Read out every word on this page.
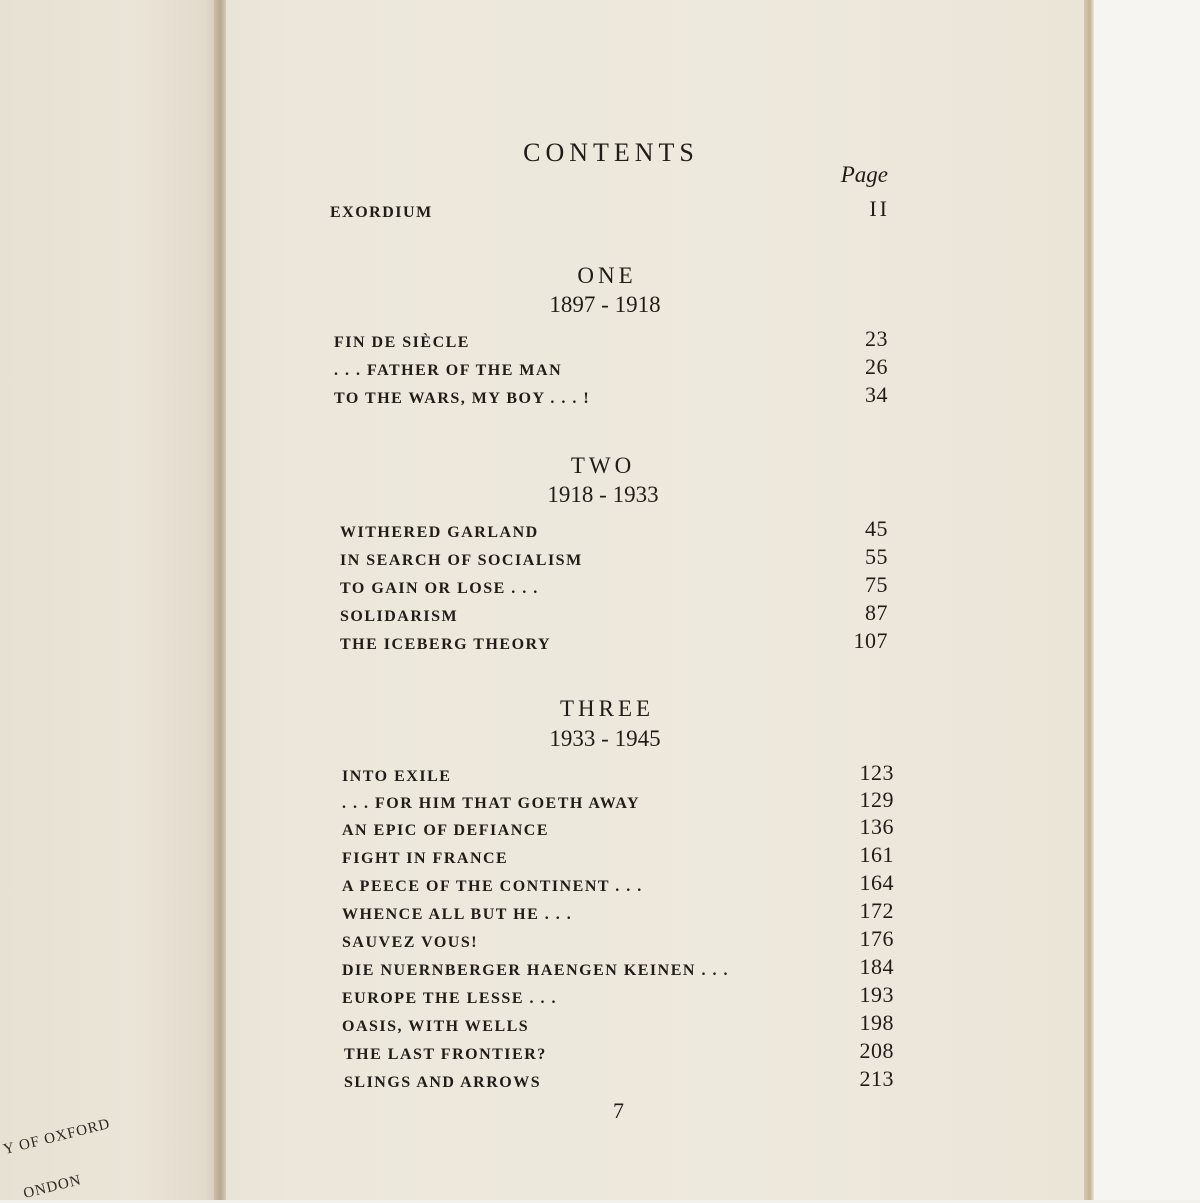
Y OF OXFORD
ONDON
CONTENTS
Page
EXORDIUM	II
ONE
1897 - 1918
FIN DE SIÈCLE	23
. . . FATHER OF THE MAN	26
TO THE WARS, MY BOY . . . !	34
TWO
1918 - 1933
WITHERED GARLAND	45
IN SEARCH OF SOCIALISM	55
TO GAIN OR LOSE . . .	75
SOLIDARISM	87
THE ICEBERG THEORY	107
THREE
1933 - 1945
INTO EXILE	123
. . . FOR HIM THAT GOETH AWAY	129
AN EPIC OF DEFIANCE	136
FIGHT IN FRANCE	161
A PEECE OF THE CONTINENT . . .	164
WHENCE ALL BUT HE . . .	172
SAUVEZ VOUS!	176
DIE NUERNBERGER HAENGEN KEINEN . . .	184
EUROPE THE LESSE . . .	193
OASIS, WITH WELLS	198
THE LAST FRONTIER?	208
SLINGS AND ARROWS	213
7
